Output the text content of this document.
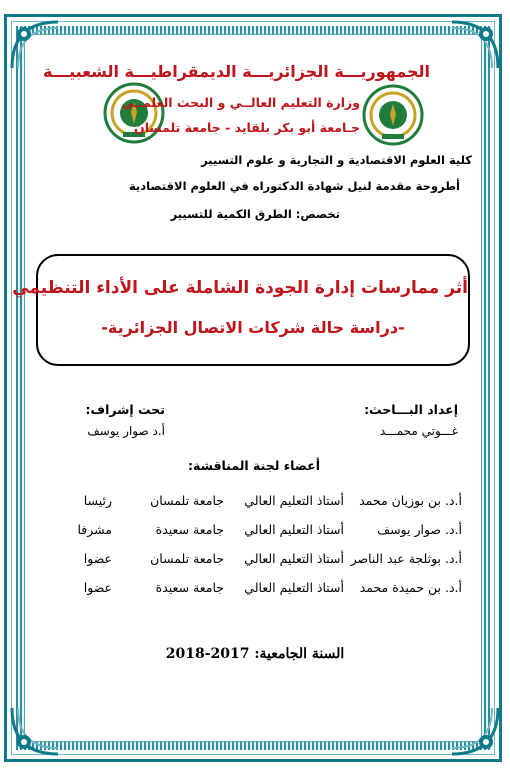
الجمهوريـــة الجزائريـــة الديمقراطيـــة الشعبيـــة
وزارة التعليم العالــي و البحث العلمــي
جـامعة أبو بكر بلقايد - جامعة تلمسان
كلية العلوم الاقتصادية و التجارية و علوم التسيير
أطروحة مقدمة لنيل شهادة الدكتوراه في العلوم الاقتصادية
تخصص: الطرق الكمية للتسيير
أثر ممارسات إدارة الجودة الشاملة على الأداء التنظيمي
-دراسة حالة شركات الاتصال الجزائرية-
إعداد البـــاحث:
غـــوتي محمـــد
تحت إشراف:
أ.د صوار يوسف
أعضاء لجنة المناقشة:
أ.د. بن بوزيان محمد
أستاذ التعليم العالي
جامعة تلمسان
رئيسا
أ.د. صوار يوسف
أستاذ التعليم العالي
جامعة سعيدة
مشرفا
أ.د. بوثلجة عبد الناصر
أستاذ التعليم العالي
جامعة تلمسان
عضوا
أ.د. بن حميدة محمد
أستاذ التعليم العالي
جامعة سعيدة
عضوا
السنة الجامعية: 2017-2018
